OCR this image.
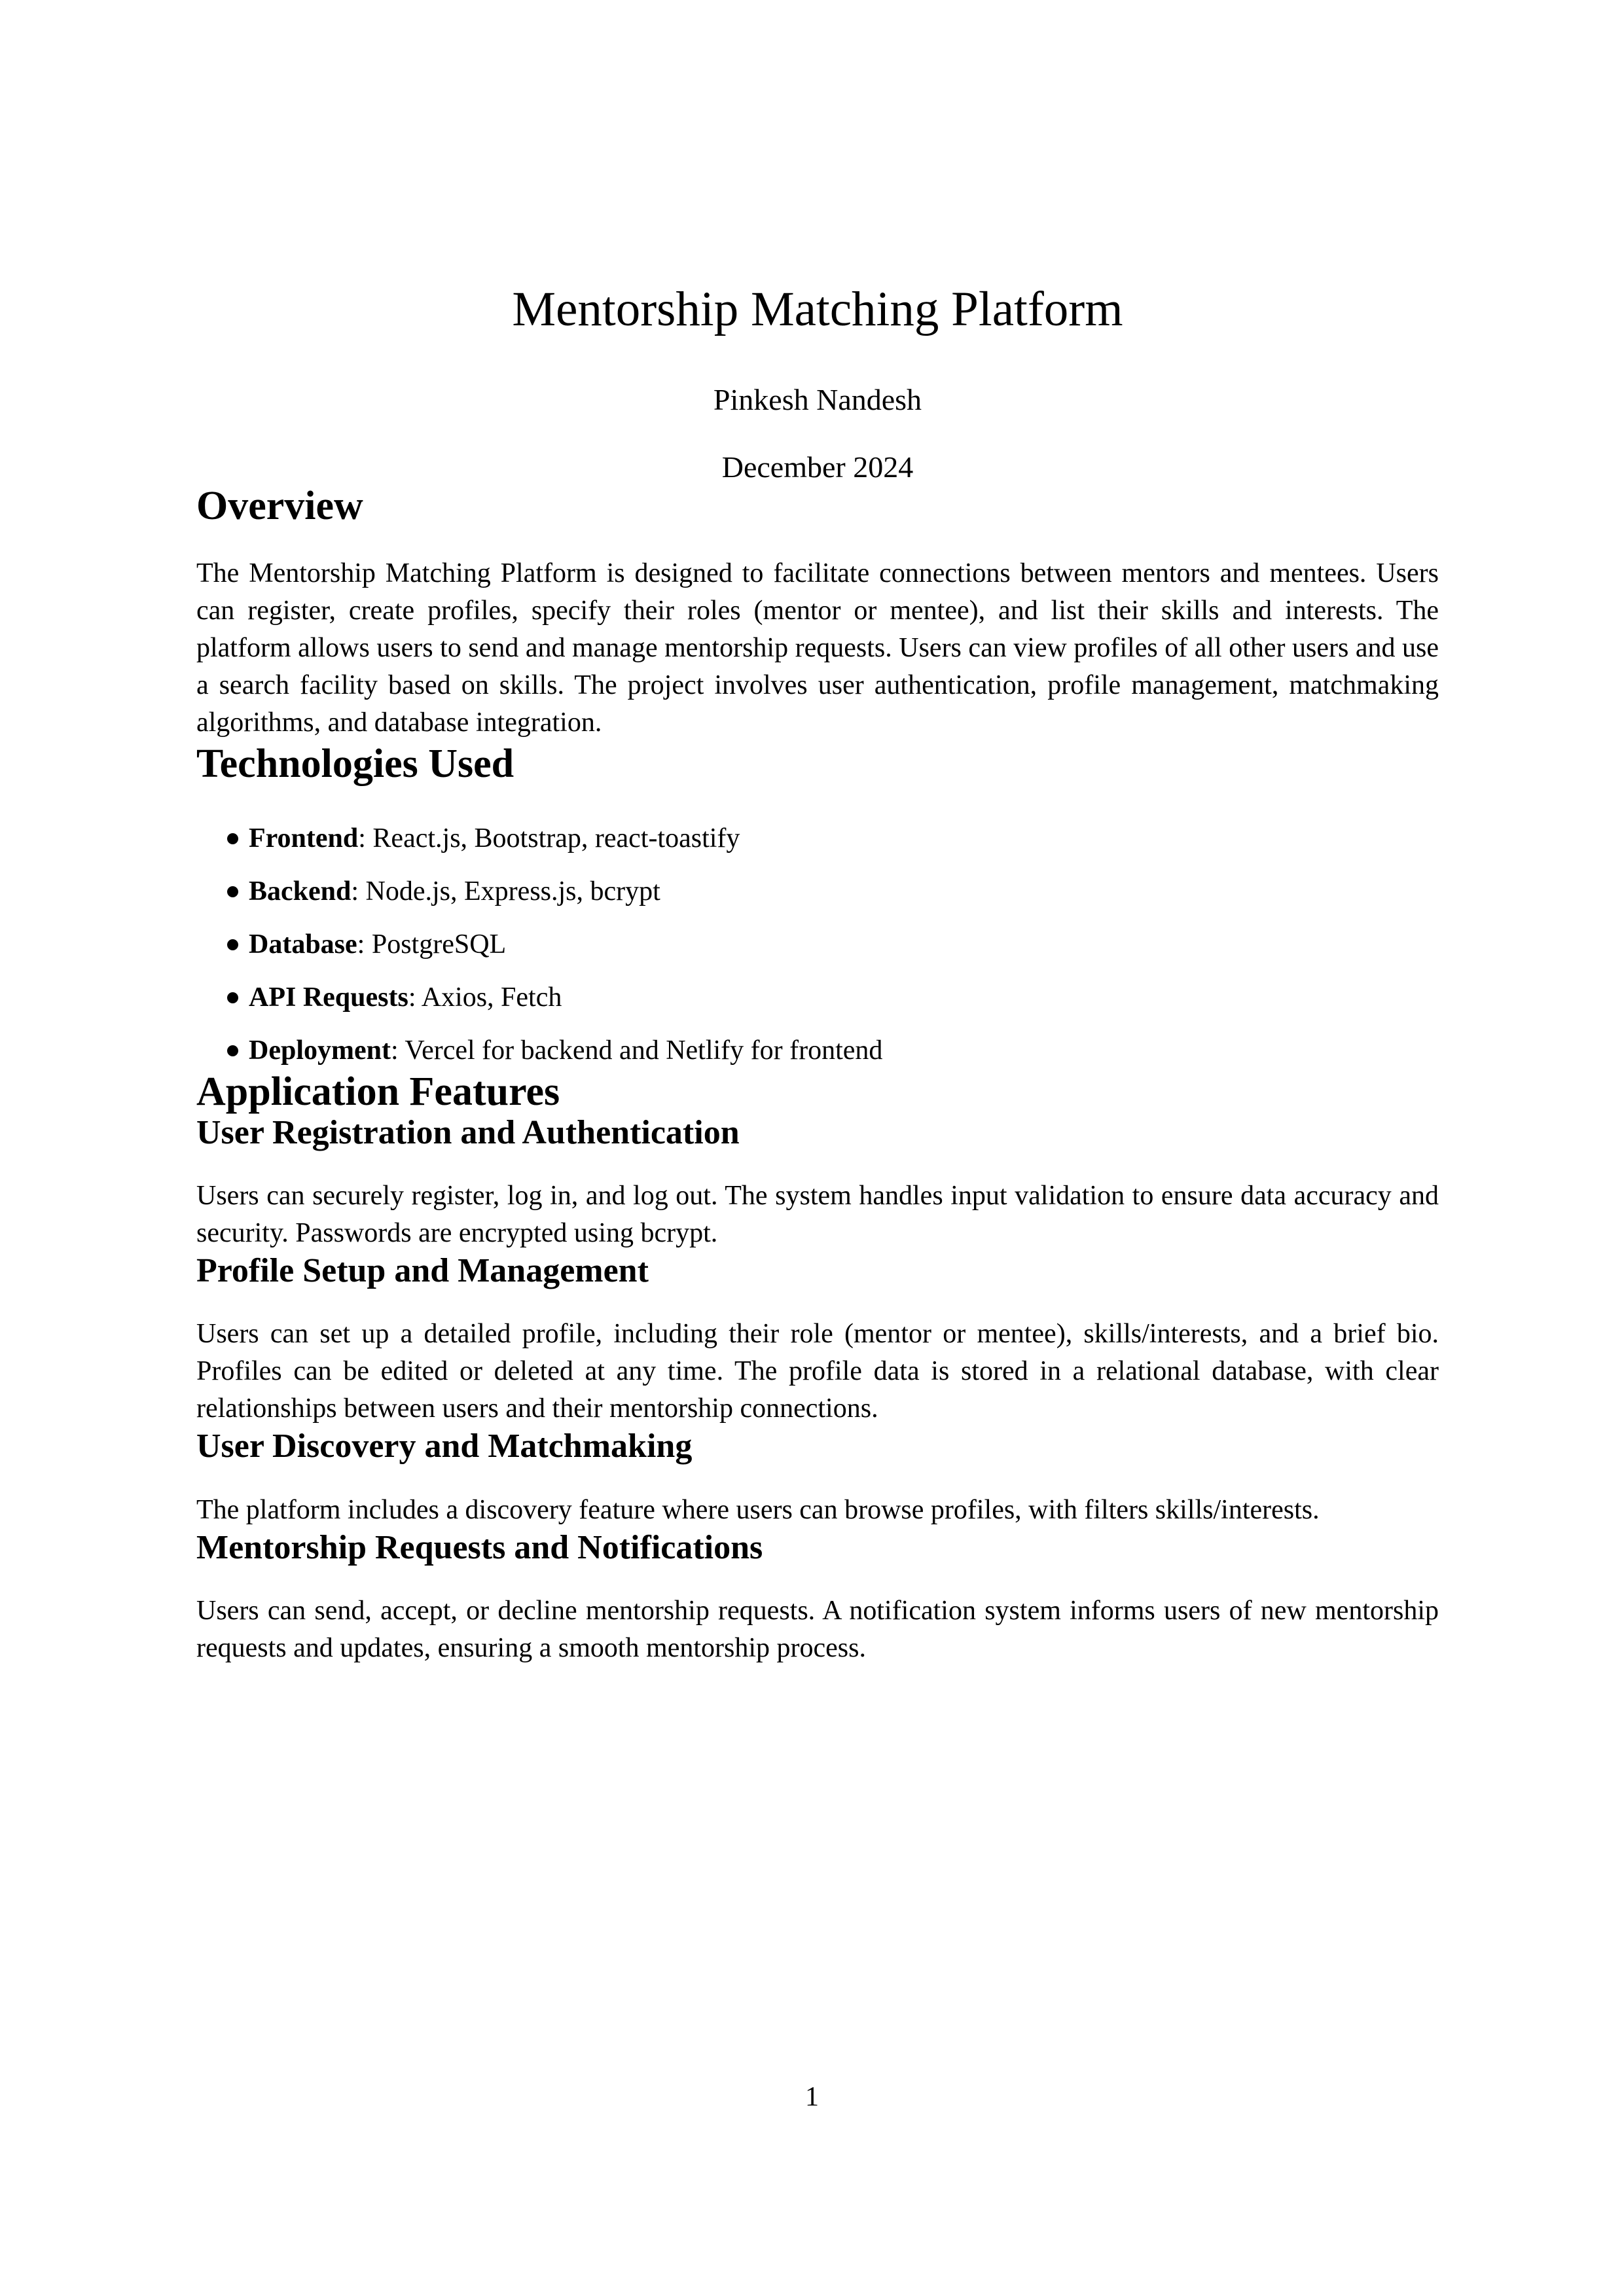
Mentorship Matching Platform
Pinkesh Nandesh
December 2024
Overview

The Mentorship Matching Platform is designed to facilitate connections between mentors and mentees. Users can register, create profiles, specify their roles (mentor or mentee), and list their skills and interests. The platform allows users to send and manage mentorship requests. Users can view profiles of all other users and use a search facility based on skills. The project involves user authentication, profile management, matchmaking algorithms, and database integration.

Technologies Used
Frontend: React.js, Bootstrap, react-toastify
Backend: Node.js, Express.js, bcrypt
Database: PostgreSQL
API Requests: Axios, Fetch
Deployment: Vercel for backend and Netlify for frontend
Application Features
User Registration and Authentication

Users can securely register, log in, and log out. The system handles input validation to ensure data accuracy and security. Passwords are encrypted using bcrypt.

Profile Setup and Management

Users can set up a detailed profile, including their role (mentor or mentee), skills/interests, and a brief bio. Profiles can be edited or deleted at any time. The profile data is stored in a relational database, with clear relationships between users and their mentorship connections.

User Discovery and Matchmaking

The platform includes a discovery feature where users can browse profiles, with filters skills/interests.

Mentorship Requests and Notifications

Users can send, accept, or decline mentorship requests. A notification system informs users of new mentorship requests and updates, ensuring a smooth mentorship process.

1
